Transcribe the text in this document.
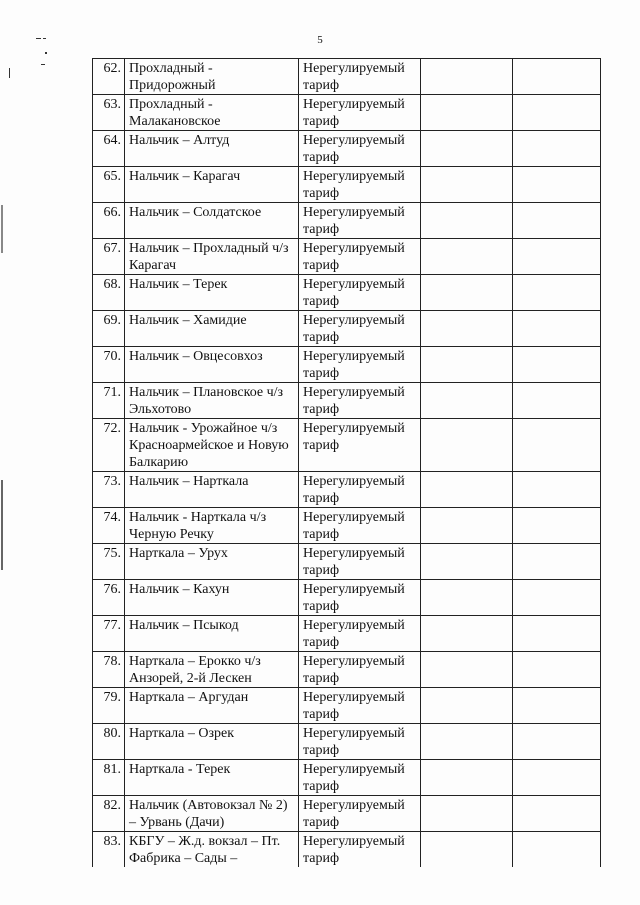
5
62.	Прохладный - Придорожный	Нерегулируемый тариф		
63.	Прохладный - Малакановское	Нерегулируемый тариф		
64.	Нальчик – Алтуд	Нерегулируемый тариф		
65.	Нальчик – Карагач	Нерегулируемый тариф		
66.	Нальчик – Солдатское	Нерегулируемый тариф		
67.	Нальчик – Прохладный ч/з Карагач	Нерегулируемый тариф		
68.	Нальчик – Терек	Нерегулируемый тариф		
69.	Нальчик – Хамидие	Нерегулируемый тариф		
70.	Нальчик – Овцесовхоз	Нерегулируемый тариф		
71.	Нальчик – Плановское ч/з Эльхотово	Нерегулируемый тариф		
72.	Нальчик - Урожайное ч/з Красноармейское и Новую Балкарию	Нерегулируемый тариф		
73.	Нальчик – Нарткала	Нерегулируемый тариф		
74.	Нальчик - Нарткала ч/з Черную Речку	Нерегулируемый тариф		
75.	Нарткала – Урух	Нерегулируемый тариф		
76.	Нальчик – Кахун	Нерегулируемый тариф		
77.	Нальчик – Псыкод	Нерегулируемый тариф		
78.	Нарткала – Ерокко ч/з Анзорей, 2-й Лескен	Нерегулируемый тариф		
79.	Нарткала – Аргудан	Нерегулируемый тариф		
80.	Нарткала – Озрек	Нерегулируемый тариф		
81.	Нарткала - Терек	Нерегулируемый тариф		
82.	Нальчик (Автовокзал № 2) – Урвань (Дачи)	Нерегулируемый тариф		
83.	КБГУ – Ж.д. вокзал – Пт. Фабрика – Сады –	Нерегулируемый тариф		
